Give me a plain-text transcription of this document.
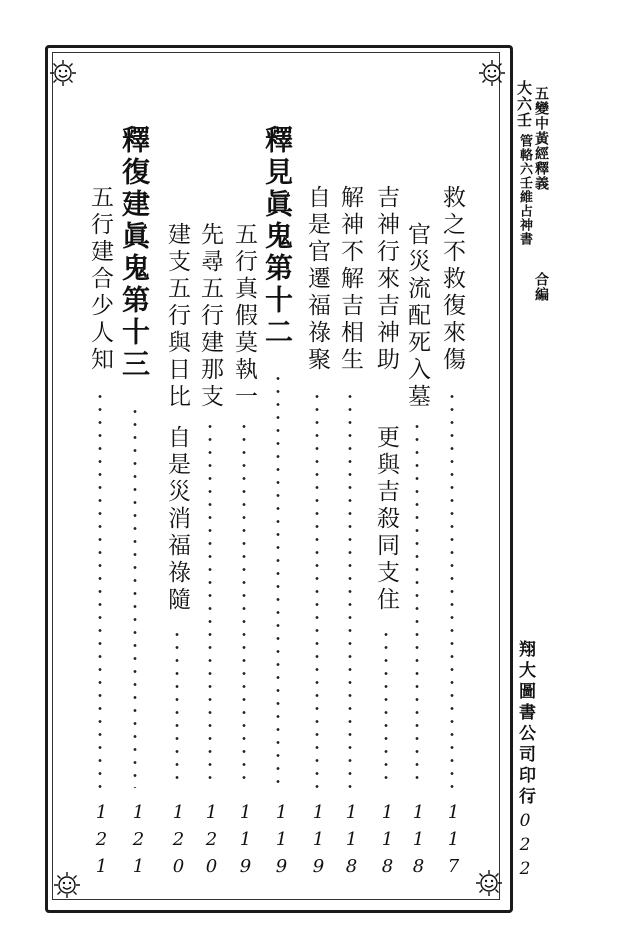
大六壬 五變中黃經釋義
管輅六壬維占神書
合編
翔大圖書公司印行
・022
救之不救復來傷
117
官災流配死入墓
118
吉神行來吉神助
更與吉殺同支住
118
解神不解吉相生
118
自是官遷福祿聚
119
釋見眞鬼第十二
119
五行真假莫執一
119
先尋五行建那支
120
建支五行與日比
自是災消福祿隨
120
釋復建眞鬼第十三
121
五行建合少人知
121
